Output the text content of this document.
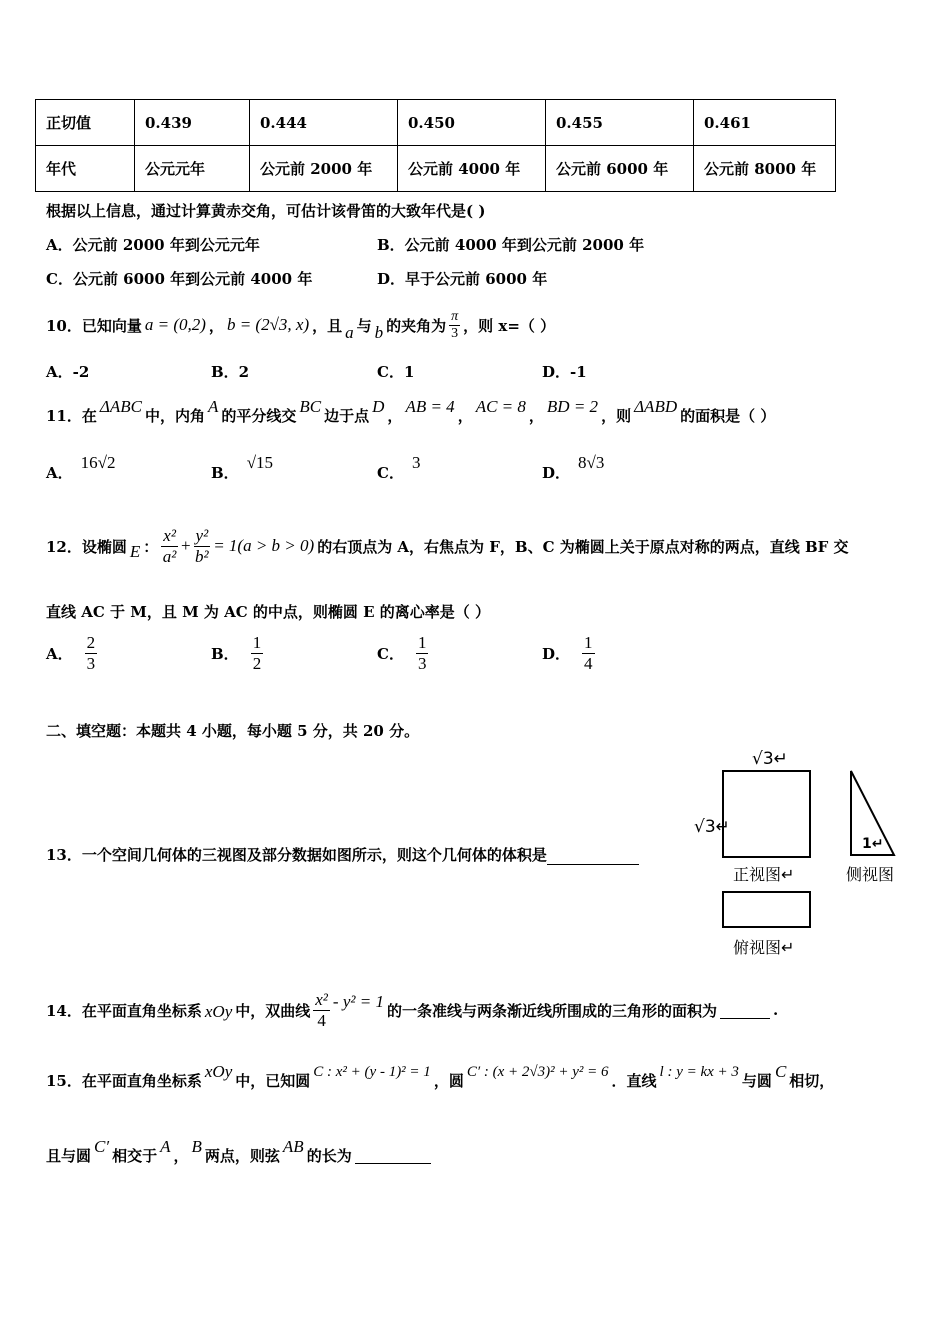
正切值	0.439	0.444	0.450	0.455	0.461
年代	公元元年	公元前 2000 年	公元前 4000 年	公元前 6000 年	公元前 8000 年
根据以上信息，通过计算黄赤交角，可估计该骨笛的大致年代是( )
A．公元前 2000 年到公元元年	B．公元前 4000 年到公元前 2000 年
C．公元前 6000 年到公元前 4000 年	D．早于公元前 6000 年
10．已知向量 a = (0,2) ， b = (2√3, x) ，且 a 与 b 的夹角为 $\frac{\pi}{3}$ ，则 x=（ ）
A．-2	B．2	C．1	D．-1
11．在 ΔABC 中，内角 A 的平分线交 BC 边于点 D ， AB = 4 ， AC = 8 ， BD = 2 ，则 ΔABD 的面积是（ ）
A．
16√2
B．
√15
C．
3
D．
8√3
12．设椭圆 E ： $\frac{\text{x²}}{\text{a²}} + \frac{\text{y²}}{\text{b²}} = 1(a > b > 0)$ 的右顶点为 A，右焦点为 F，B、C 为椭圆上关于原点对称的两点，直线 BF 交
直线 AC 于 M，且 M 为 AC 的中点，则椭圆 E 的离心率是（ ）
A． $\frac{2}{3}$	B． $\frac{1}{2}$	C． $\frac{1}{3}$	D． $\frac{1}{4}$
二、填空题：本题共 4 小题，每小题 5 分，共 20 分。
13．一个空间几何体的三视图及部分数据如图所示，则这个几何体的体积是
√3↵
√3↵
正视图↵
1↵
侧视图
俯视图↵
14．在平面直角坐标系 xOy 中，双曲线 $\frac{\text{x²}}{4} - y^2 = 1$ 的一条准线与两条渐近线所围成的三角形的面积为	.
15．在平面直角坐标系 xOy 中，已知圆 C : x² + (y - 1)² = 1 ，圆 C′ : (x + 2√3)² + y² = 6 ．直线 l : y = kx + 3 与圆 C 相切，
且与圆 C′ 相交于 A ， B 两点，则弦 AB 的长为
